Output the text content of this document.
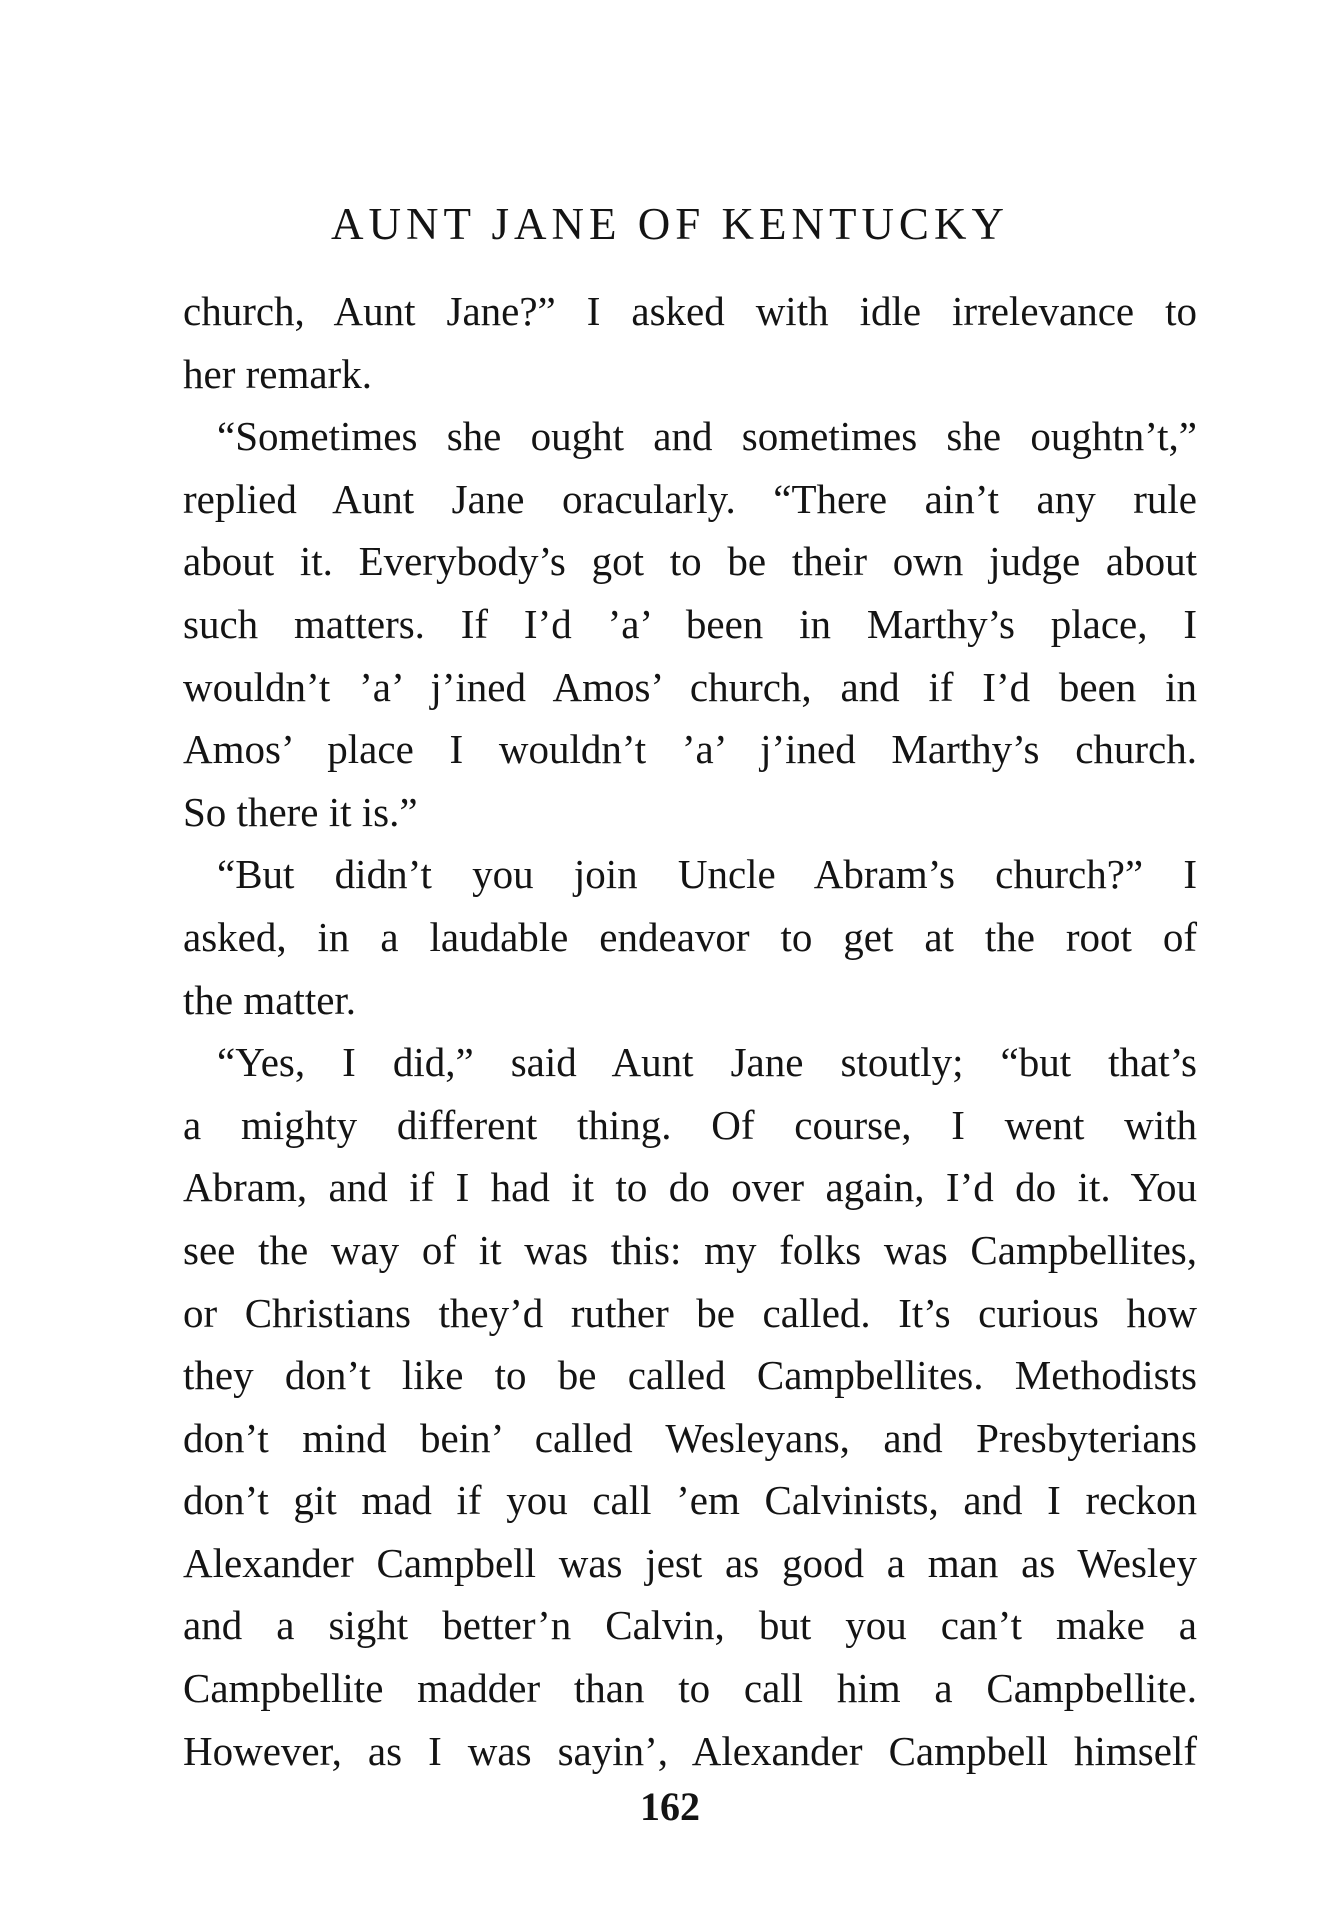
AUNT JANE OF KENTUCKY
church, Aunt Jane?” I asked with idle irrelevance to
her remark.
“Sometimes she ought and sometimes she oughtn’t,”
replied Aunt Jane oracularly. “There ain’t any rule
about it. Everybody’s got to be their own judge about
such matters. If I’d ’a’ been in Marthy’s place, I
wouldn’t ’a’ j’ined Amos’ church, and if I’d been in
Amos’ place I wouldn’t ’a’ j’ined Marthy’s church.
So there it is.”
“But didn’t you join Uncle Abram’s church?” I
asked, in a laudable endeavor to get at the root of
the matter.
“Yes, I did,” said Aunt Jane stoutly; “but that’s
a mighty different thing. Of course, I went with
Abram, and if I had it to do over again, I’d do it. You
see the way of it was this: my folks was Campbellites,
or Christians they’d ruther be called. It’s curious how
they don’t like to be called Campbellites. Methodists
don’t mind bein’ called Wesleyans, and Presbyterians
don’t git mad if you call ’em Calvinists, and I reckon
Alexander Campbell was jest as good a man as Wesley
and a sight better’n Calvin, but you can’t make a
Campbellite madder than to call him a Campbellite.
However, as I was sayin’, Alexander Campbell himself
162
